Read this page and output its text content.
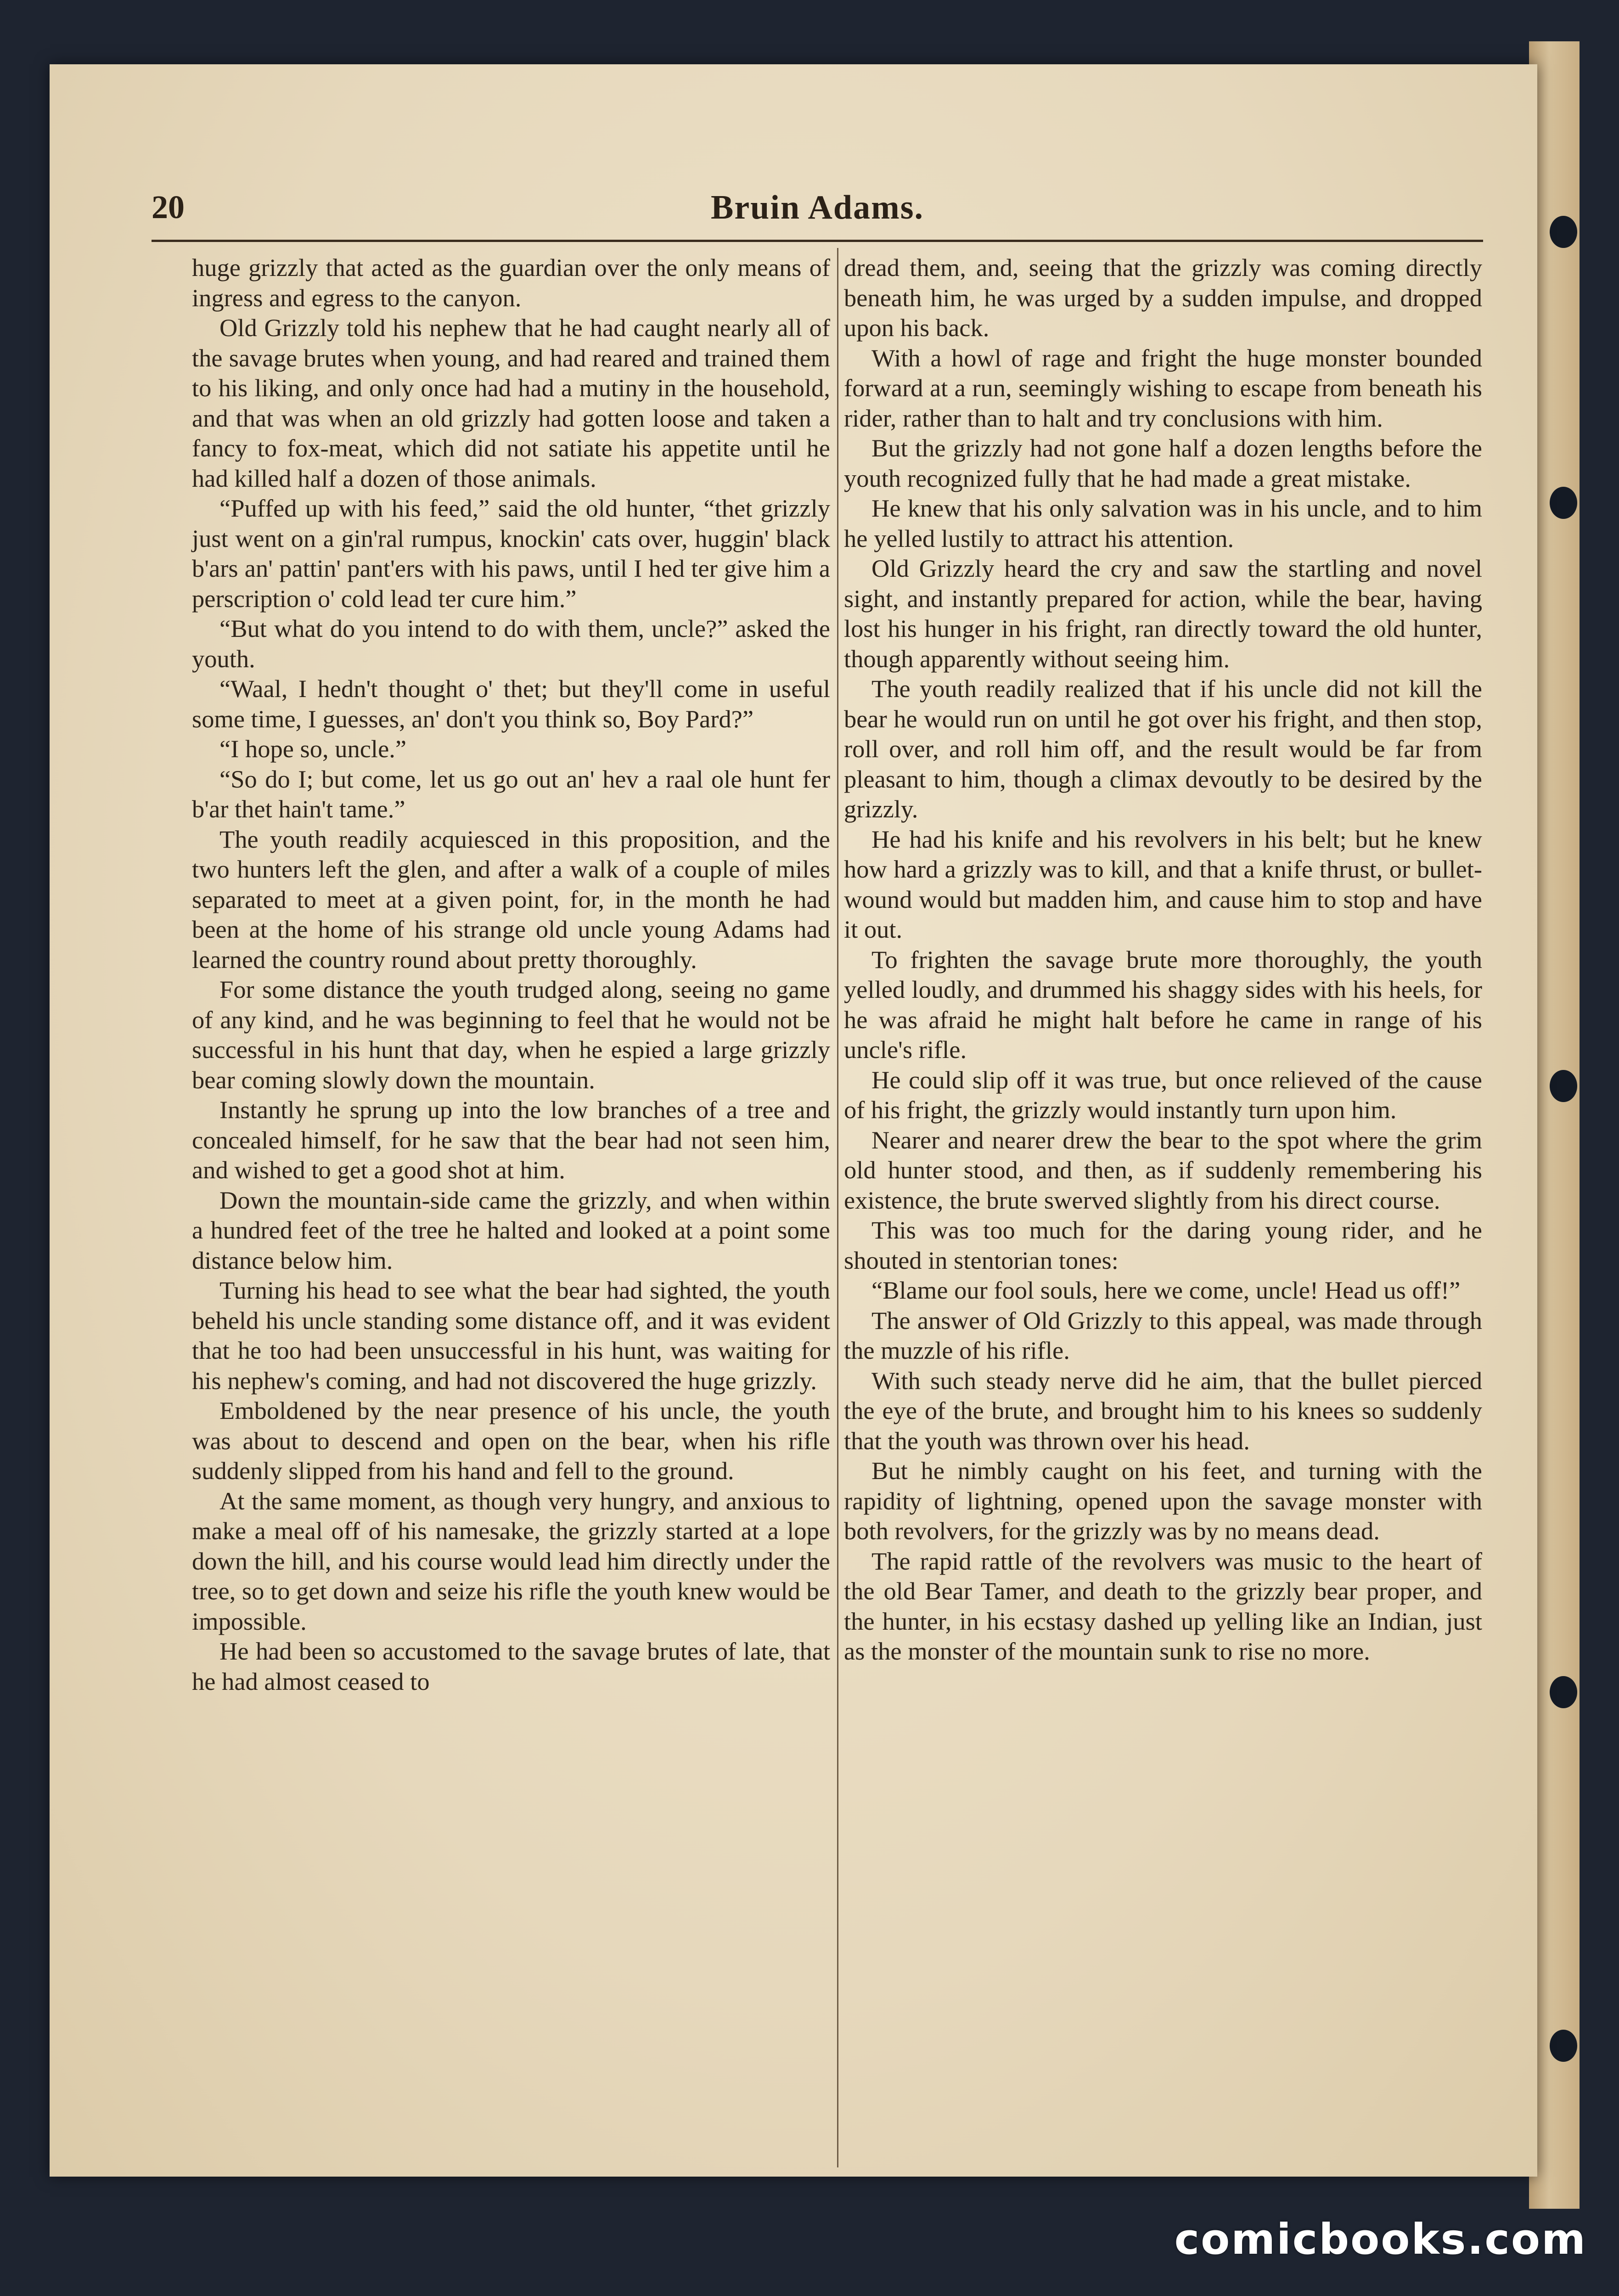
20	Bruin Adams.

huge grizzly that acted as the guardian over the only means of ingress and egress to the canyon.

Old Grizzly told his nephew that he had caught nearly all of the savage brutes when young, and had reared and trained them to his liking, and only once had had a mutiny in the household, and that was when an old grizzly had gotten loose and taken a fancy to fox-meat, which did not satiate his appetite until he had killed half a dozen of those animals.

“Puffed up with his feed,” said the old hunter, “thet grizzly just went on a gin'ral rumpus, knockin' cats over, huggin' black b'ars an' pattin' pant'ers with his paws, until I hed ter give him a perscription o' cold lead ter cure him.”

“But what do you intend to do with them, uncle?” asked the youth.

“Waal, I hedn't thought o' thet; but they'll come in useful some time, I guesses, an' don't you think so, Boy Pard?”

“I hope so, uncle.”

“So do I; but come, let us go out an' hev a raal ole hunt fer b'ar thet hain't tame.”

The youth readily acquiesced in this proposition, and the two hunters left the glen, and after a walk of a couple of miles separated to meet at a given point, for, in the month he had been at the home of his strange old uncle young Adams had learned the country round about pretty thoroughly.

For some distance the youth trudged along, seeing no game of any kind, and he was beginning to feel that he would not be successful in his hunt that day, when he espied a large grizzly bear coming slowly down the mountain.

Instantly he sprung up into the low branches of a tree and concealed himself, for he saw that the bear had not seen him, and wished to get a good shot at him.

Down the mountain-side came the grizzly, and when within a hundred feet of the tree he halted and looked at a point some distance below him.

Turning his head to see what the bear had sighted, the youth beheld his uncle standing some distance off, and it was evident that he too had been unsuccessful in his hunt, was waiting for his nephew's coming, and had not discovered the huge grizzly.

Emboldened by the near presence of his uncle, the youth was about to descend and open on the bear, when his rifle suddenly slipped from his hand and fell to the ground.

At the same moment, as though very hungry, and anxious to make a meal off of his namesake, the grizzly started at a lope down the hill, and his course would lead him directly under the tree, so to get down and seize his rifle the youth knew would be impossible.

He had been so accustomed to the savage brutes of late, that he had almost ceased to

dread them, and, seeing that the grizzly was coming directly beneath him, he was urged by a sudden impulse, and dropped upon his back.

With a howl of rage and fright the huge monster bounded forward at a run, seemingly wishing to escape from beneath his rider, rather than to halt and try conclusions with him.

But the grizzly had not gone half a dozen lengths before the youth recognized fully that he had made a great mistake.

He knew that his only salvation was in his uncle, and to him he yelled lustily to attract his attention.

Old Grizzly heard the cry and saw the startling and novel sight, and instantly prepared for action, while the bear, having lost his hunger in his fright, ran directly toward the old hunter, though apparently without seeing him.

The youth readily realized that if his uncle did not kill the bear he would run on until he got over his fright, and then stop, roll over, and roll him off, and the result would be far from pleasant to him, though a climax devoutly to be desired by the grizzly.

He had his knife and his revolvers in his belt; but he knew how hard a grizzly was to kill, and that a knife thrust, or bullet-wound would but madden him, and cause him to stop and have it out.

To frighten the savage brute more thoroughly, the youth yelled loudly, and drummed his shaggy sides with his heels, for he was afraid he might halt before he came in range of his uncle's rifle.

He could slip off it was true, but once relieved of the cause of his fright, the grizzly would instantly turn upon him.

Nearer and nearer drew the bear to the spot where the grim old hunter stood, and then, as if suddenly remembering his existence, the brute swerved slightly from his direct course.

This was too much for the daring young rider, and he shouted in stentorian tones:

“Blame our fool souls, here we come, uncle! Head us off!”

The answer of Old Grizzly to this appeal, was made through the muzzle of his rifle.

With such steady nerve did he aim, that the bullet pierced the eye of the brute, and brought him to his knees so suddenly that the youth was thrown over his head.

But he nimbly caught on his feet, and turning with the rapidity of lightning, opened upon the savage monster with both revolvers, for the grizzly was by no means dead.

The rapid rattle of the revolvers was music to the heart of the old Bear Tamer, and death to the grizzly bear proper, and the hunter, in his ecstasy dashed up yelling like an Indian, just as the monster of the mountain sunk to rise no more.

comicbooks.com
